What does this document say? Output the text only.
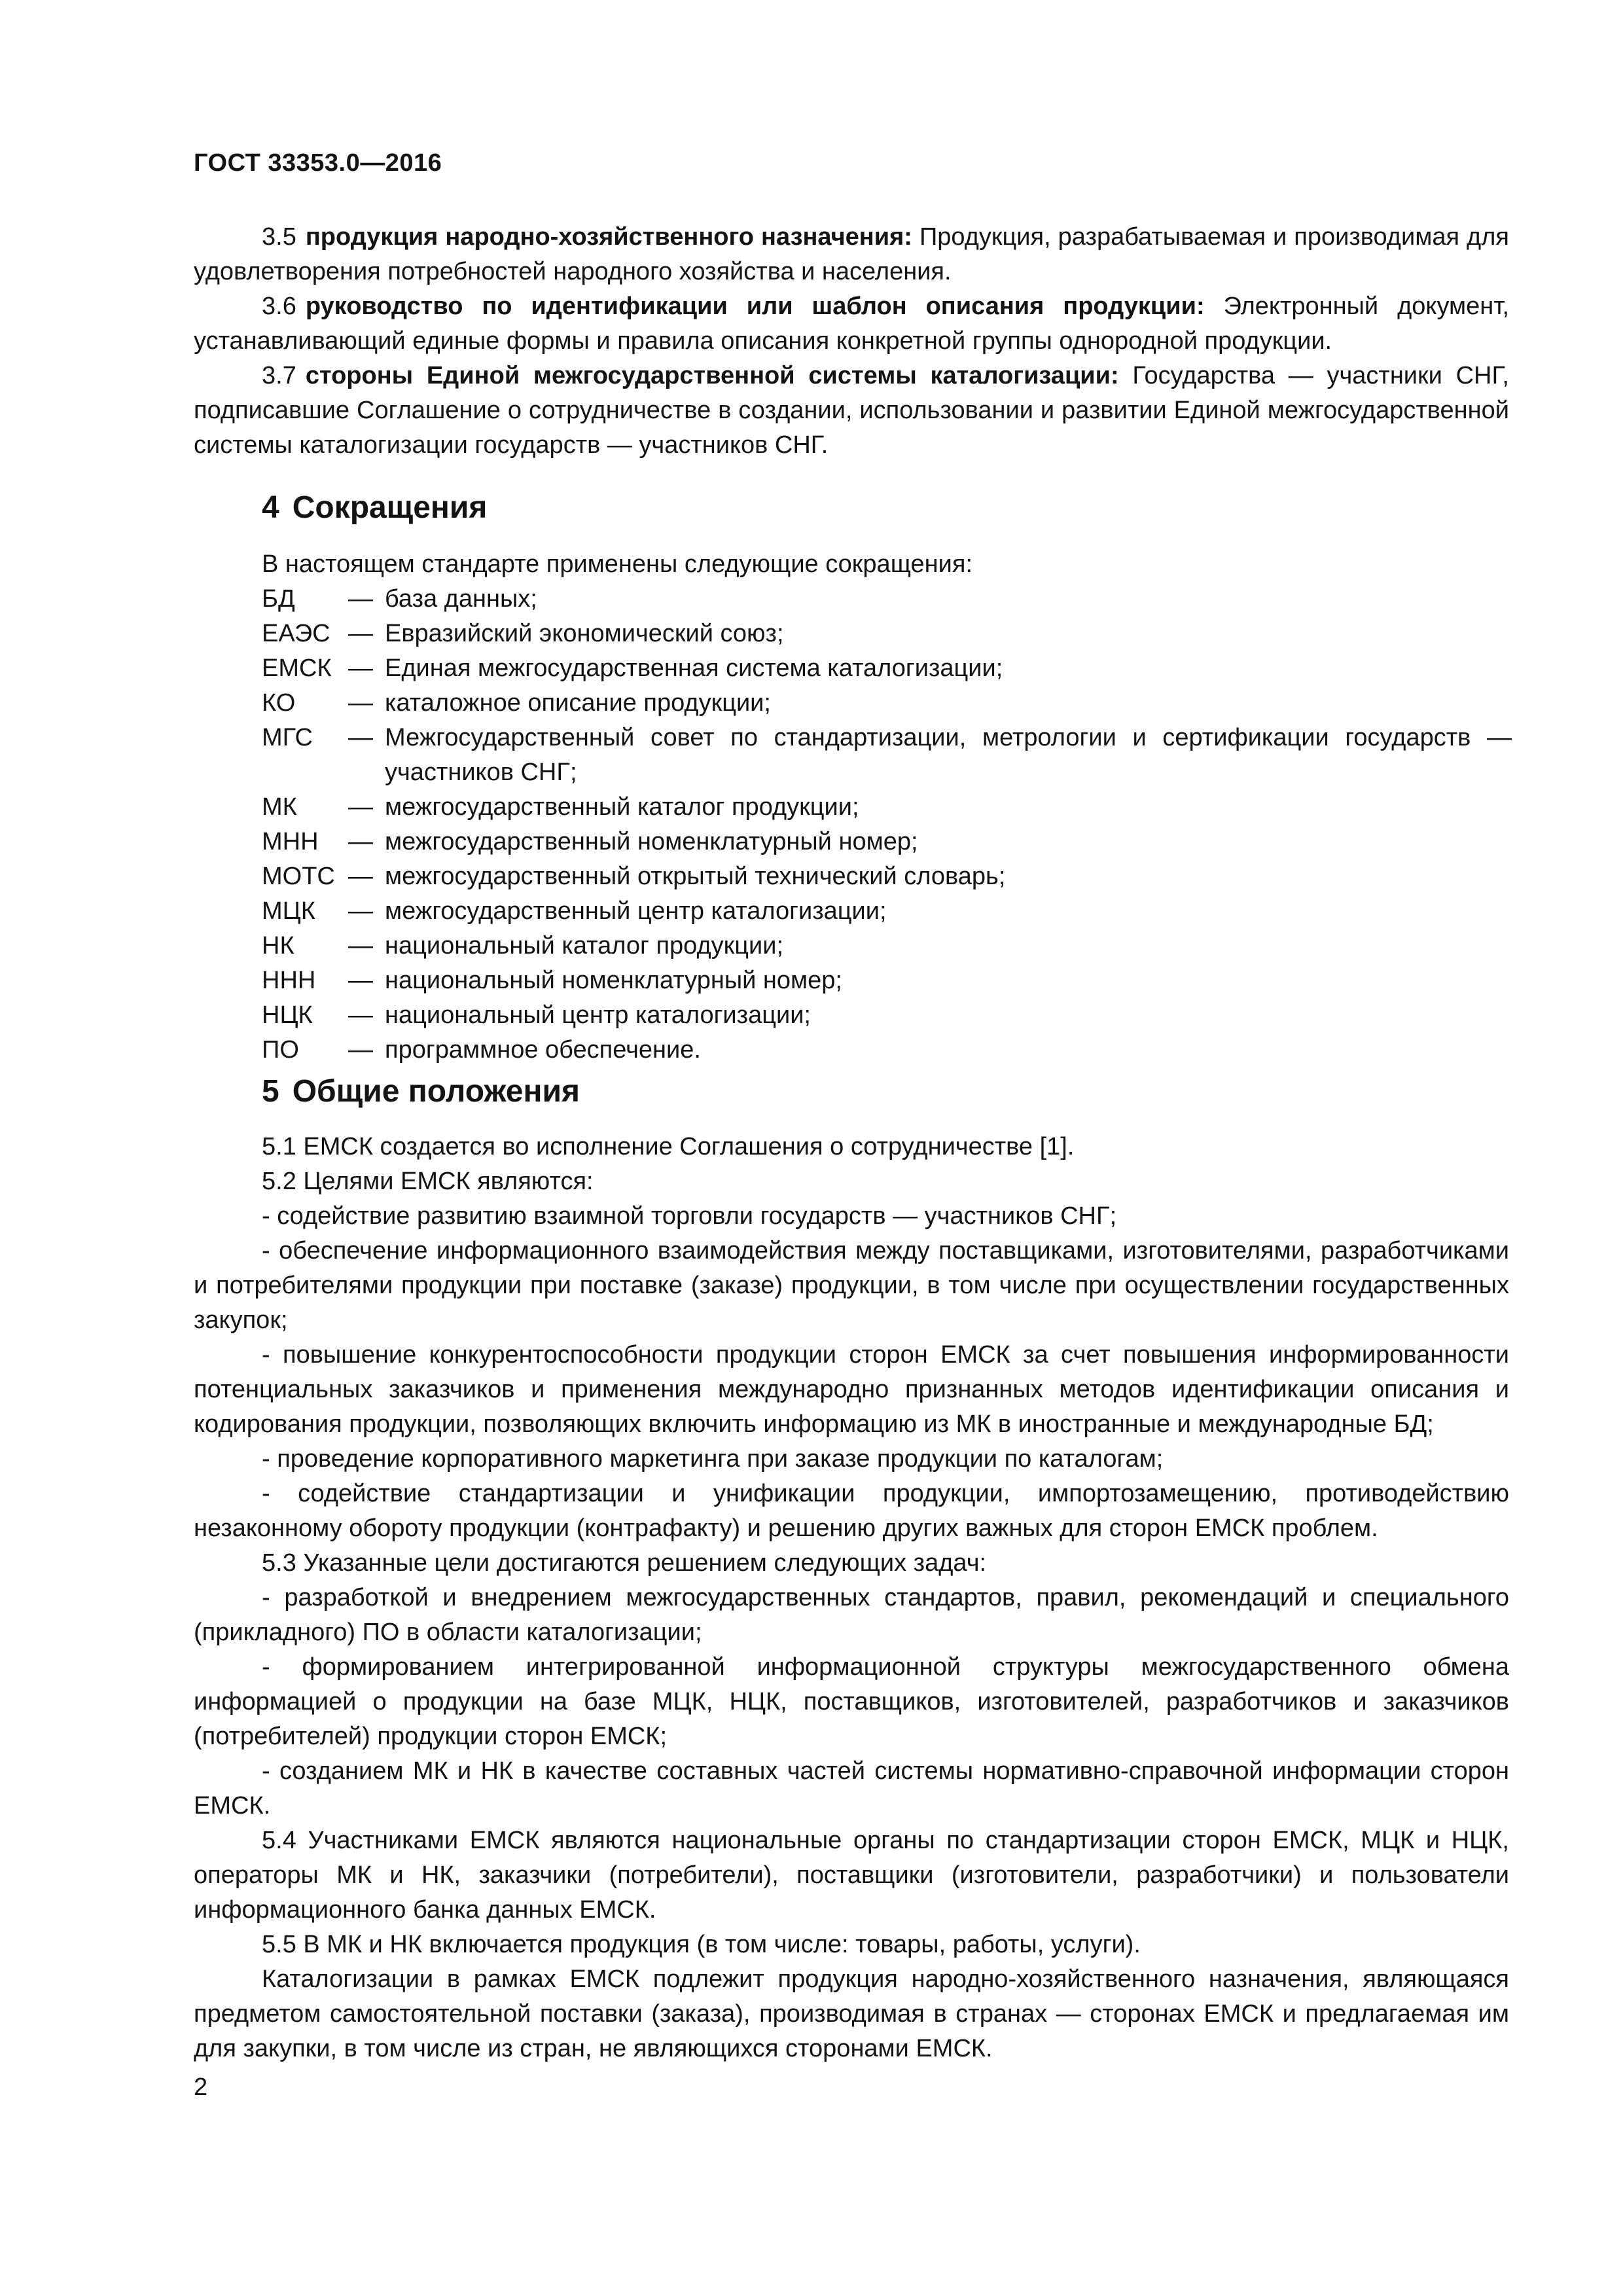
ГОСТ 33353.0—2016

3.5 продукция народно-хозяйственного назначения: Продукция, разрабатываемая и производимая для удовлетворения потребностей народного хозяйства и населения.

3.6 руководство по идентификации или шаблон описания продукции: Электронный документ, устанавливающий единые формы и правила описания конкретной группы однородной продукции.

3.7 стороны Единой межгосударственной системы каталогизации: Государства — участники СНГ, подписавшие Соглашение о сотрудничестве в создании, использовании и развитии Единой межгосударственной системы каталогизации государств — участников СНГ.

4 Сокращения

В настоящем стандарте применены следующие сокращения:

БД	— база данных;
ЕАЭС — Евразийский экономический союз;
ЕМСК — Единая межгосударственная система каталогизации;
КО	— каталожное описание продукции;
МГС	— Межгосударственный совет по стандартизации, метрологии и сертификации государств — участников СНГ;
МК	— межгосударственный каталог продукции;
МНН	— межгосударственный номенклатурный номер;
МОТС — межгосударственный открытый технический словарь;
МЦК	— межгосударственный центр каталогизации;
НК	— национальный каталог продукции;
ННН	— национальный номенклатурный номер;
НЦК	— национальный центр каталогизации;
ПО	— программное обеспечение.
5 Общие положения

5.1 ЕМСК создается во исполнение Соглашения о сотрудничестве [1].

5.2 Целями ЕМСК являются:

- содействие развитию взаимной торговли государств — участников СНГ;

- обеспечение информационного взаимодействия между поставщиками, изготовителями, разработчиками и потребителями продукции при поставке (заказе) продукции, в том числе при осуществлении государственных закупок;

- повышение конкурентоспособности продукции сторон ЕМСК за счет повышения информированности потенциальных заказчиков и применения международно признанных методов идентификации описания и кодирования продукции, позволяющих включить информацию из МК в иностранные и международные БД;

- проведение корпоративного маркетинга при заказе продукции по каталогам;

- содействие стандартизации и унификации продукции, импортозамещению, противодействию незаконному обороту продукции (контрафакту) и решению других важных для сторон ЕМСК проблем.

5.3 Указанные цели достигаются решением следующих задач:

- разработкой и внедрением межгосударственных стандартов, правил, рекомендаций и специального (прикладного) ПО в области каталогизации;

- формированием интегрированной информационной структуры межгосударственного обмена информацией о продукции на базе МЦК, НЦК, поставщиков, изготовителей, разработчиков и заказчиков (потребителей) продукции сторон ЕМСК;

- созданием МК и НК в качестве составных частей системы нормативно-справочной информации сторон ЕМСК.

5.4 Участниками ЕМСК являются национальные органы по стандартизации сторон ЕМСК, МЦК и НЦК, операторы МК и НК, заказчики (потребители), поставщики (изготовители, разработчики) и пользователи информационного банка данных ЕМСК.

5.5 В МК и НК включается продукция (в том числе: товары, работы, услуги).

Каталогизации в рамках ЕМСК подлежит продукция народно-хозяйственного назначения, являющаяся предметом самостоятельной поставки (заказа), производимая в странах — сторонах ЕМСК и предлагаемая им для закупки, в том числе из стран, не являющихся сторонами ЕМСК.

2
